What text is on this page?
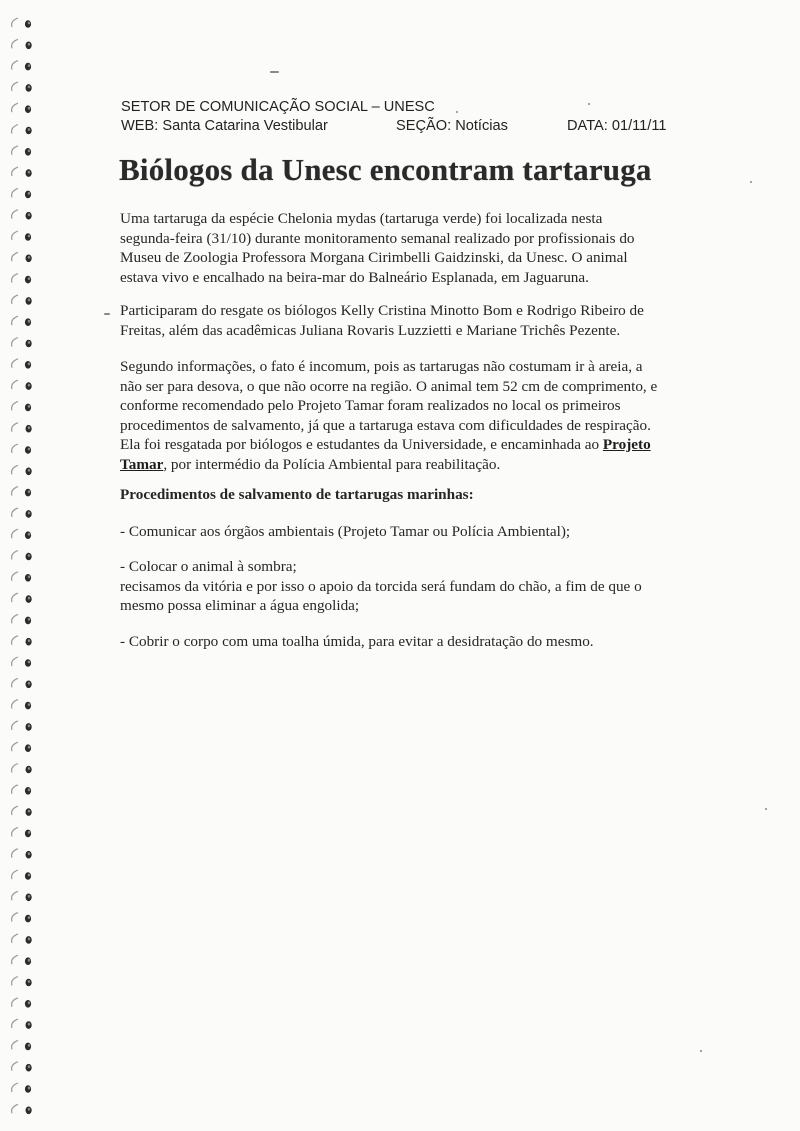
SETOR DE COMUNICAÇÃO SOCIAL – UNESC
WEB: Santa Catarina Vestibular	SEÇÃO: Notícias	DATA: 01/11/11
Biólogos da Unesc encontram tartaruga

Uma tartaruga da espécie Chelonia mydas (tartaruga verde) foi localizada nesta
segunda-feira (31/10) durante monitoramento semanal realizado por profissionais do
Museu de Zoologia Professora Morgana Cirimbelli Gaidzinski, da Unesc. O animal
estava vivo e encalhado na beira-mar do Balneário Esplanada, em Jaguaruna.

Participaram do resgate os biólogos Kelly Cristina Minotto Bom e Rodrigo Ribeiro de
Freitas, além das acadêmicas Juliana Rovaris Luzzietti e Mariane Trichês Pezente.

Segundo informações, o fato é incomum, pois as tartarugas não costumam ir à areia, a
não ser para desova, o que não ocorre na região. O animal tem 52 cm de comprimento, e
conforme recomendado pelo Projeto Tamar foram realizados no local os primeiros
procedimentos de salvamento, já que a tartaruga estava com dificuldades de respiração.
Ela foi resgatada por biólogos e estudantes da Universidade, e encaminhada ao Projeto
Tamar, por intermédio da Polícia Ambiental para reabilitação.

Procedimentos de salvamento de tartarugas marinhas:

- Comunicar aos órgãos ambientais (Projeto Tamar ou Polícia Ambiental);

- Colocar o animal à sombra;
recisamos da vitória e por isso o apoio da torcida será fundam do chão, a fim de que o
mesmo possa eliminar a água engolida;

- Cobrir o corpo com uma toalha úmida, para evitar a desidratação do mesmo.
